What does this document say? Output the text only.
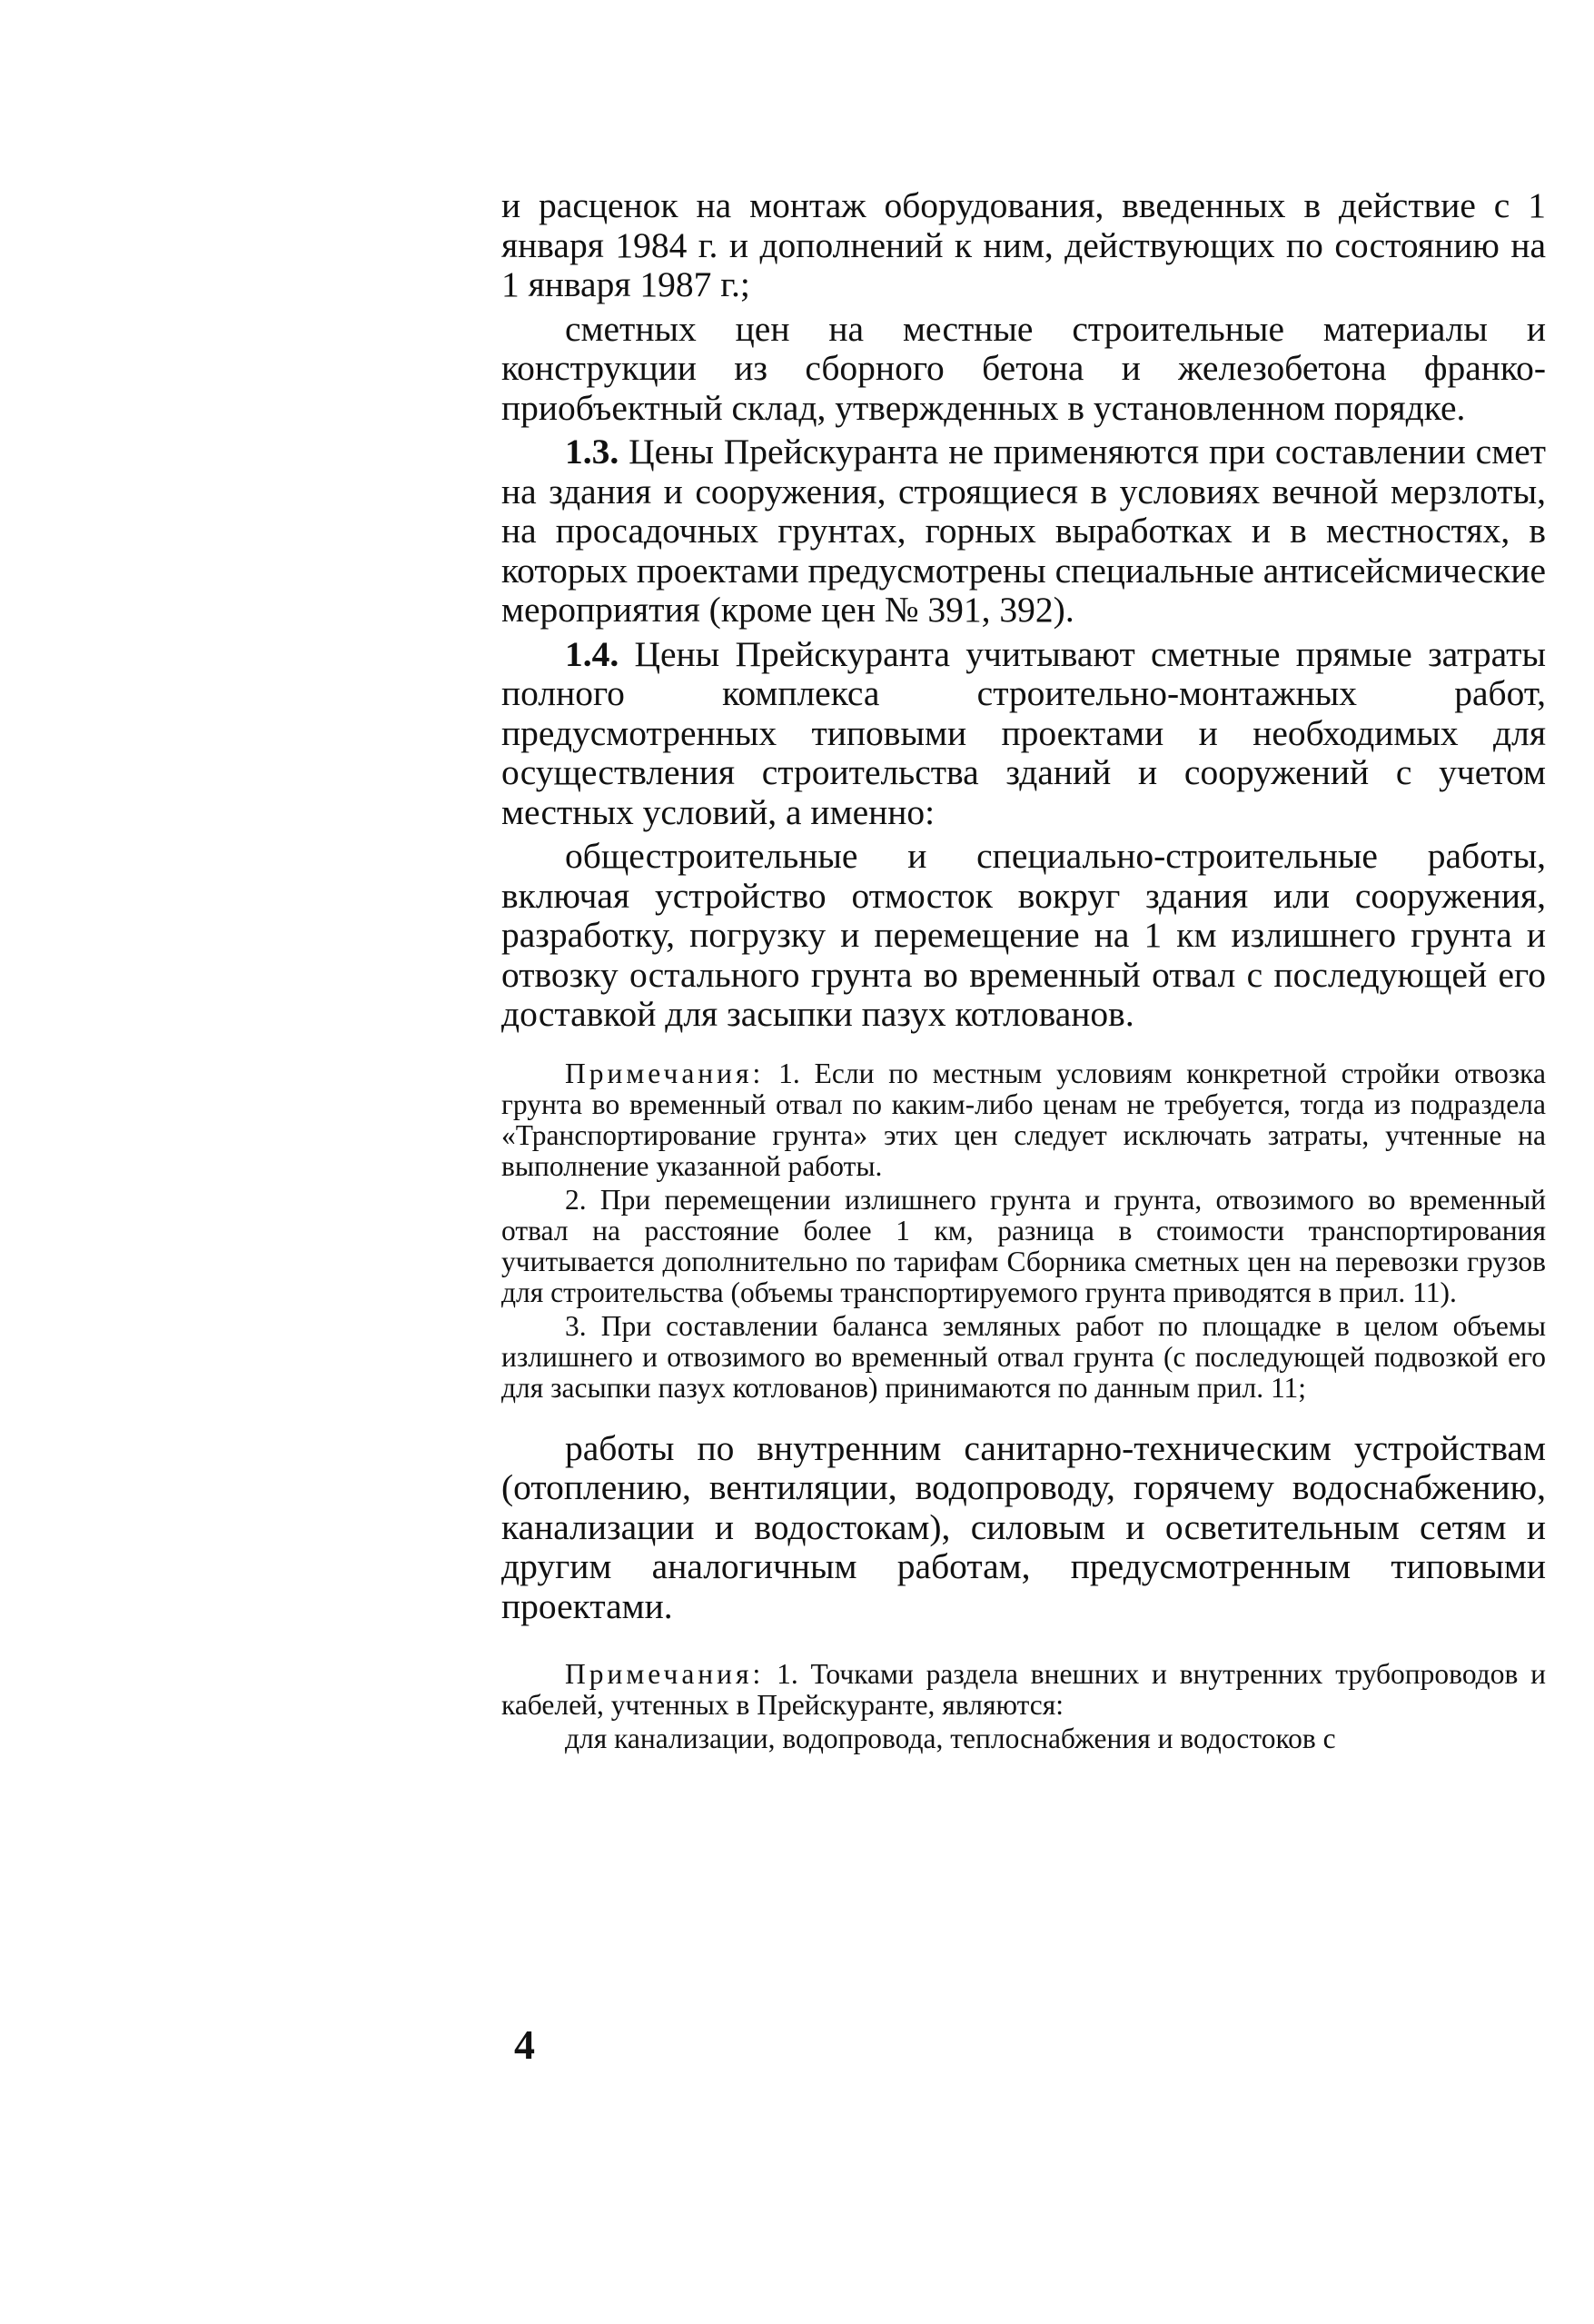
и расценок на монтаж оборудования, введенных в действие с 1 января 1984 г. и дополнений к ним, действующих по состоянию на 1 января 1987 г.;

сметных цен на местные строительные материалы и конструкции из сборного бетона и железобетона франко-приобъектный склад, утвержденных в установленном порядке.

1.3. Цены Прейскуранта не применяются при составлении смет на здания и сооружения, строящиеся в условиях вечной мерзлоты, на просадочных грунтах, горных выработках и в местностях, в которых проектами предусмотрены специальные антисейсмические мероприятия (кроме цен № 391, 392).

1.4. Цены Прейскуранта учитывают сметные прямые затраты полного комплекса строительно-монтажных работ, предусмотренных типовыми проектами и необходимых для осуществления строительства зданий и сооружений с учетом местных условий, а именно:

общестроительные и специально-строительные работы, включая устройство отмосток вокруг здания или сооружения, разработку, погрузку и перемещение на 1 км излишнего грунта и отвозку остального грунта во временный отвал с последующей его доставкой для засыпки пазух котлованов.

Примечания: 1. Если по местным условиям конкретной стройки отвозка грунта во временный отвал по каким-либо ценам не требуется, тогда из подраздела «Транспортирование грунта» этих цен следует исключать затраты, учтенные на выполнение указанной работы.

2. При перемещении излишнего грунта и грунта, отвозимого во временный отвал на расстояние более 1 км, разница в стоимости транспортирования учитывается дополнительно по тарифам Сборника сметных цен на перевозки грузов для строительства (объемы транспортируемого грунта приводятся в прил. 11).

3. При составлении баланса земляных работ по площадке в целом объемы излишнего и отвозимого во временный отвал грунта (с последующей подвозкой его для засыпки пазух котлованов) принимаются по данным прил. 11;

работы по внутренним санитарно-техническим устройствам (отоплению, вентиляции, водопроводу, горячему водоснабжению, канализации и водостокам), силовым и осветительным сетям и другим аналогичным работам, предусмотренным типовыми проектами.

Примечания: 1. Точками раздела внешних и внутренних трубопроводов и кабелей, учтенных в Прейскуранте, являются:

для канализации, водопровода, теплоснабжения и водостоков с

4
